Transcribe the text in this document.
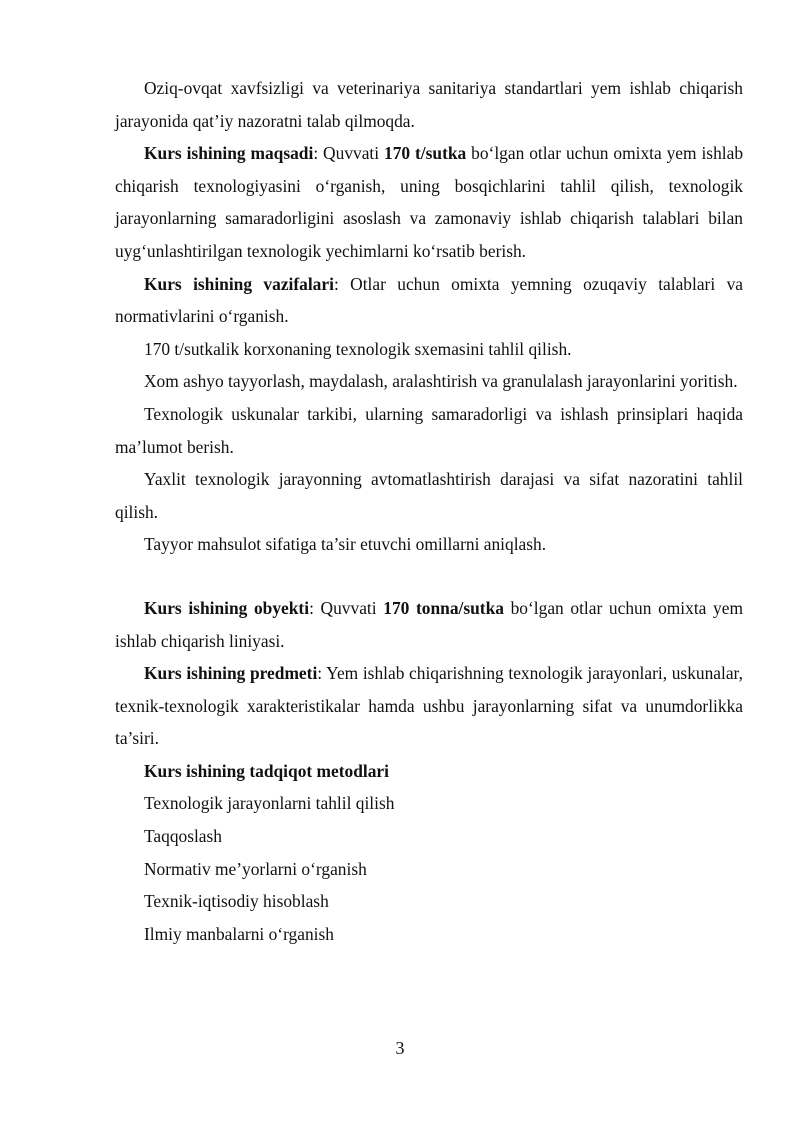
Oziq-ovqat xavfsizligi va veterinariya sanitariya standartlari yem ishlab chiqarish jarayonida qat’iy nazoratni talab qilmoqda.

Kurs ishining maqsadi: Quvvati 170 t/sutka bo‘lgan otlar uchun omixta yem ishlab chiqarish texnologiyasini o‘rganish, uning bosqichlarini tahlil qilish, texnologik jarayonlarning samaradorligini asoslash va zamonaviy ishlab chiqarish talablari bilan uyg‘unlashtirilgan texnologik yechimlarni ko‘rsatib berish.

Kurs ishining vazifalari: Otlar uchun omixta yemning ozuqaviy talablari va normativlarini o‘rganish.

170 t/sutkalik korxonaning texnologik sxemasini tahlil qilish.

Xom ashyo tayyorlash, maydalash, aralashtirish va granulalash jarayonlarini yoritish.

Texnologik uskunalar tarkibi, ularning samaradorligi va ishlash prinsiplari haqida ma’lumot berish.

Yaxlit texnologik jarayonning avtomatlashtirish darajasi va sifat nazoratini tahlil qilish.

Tayyor mahsulot sifatiga ta’sir etuvchi omillarni aniqlash.

Kurs ishining obyekti: Quvvati 170 tonna/sutka bo‘lgan otlar uchun omixta yem ishlab chiqarish liniyasi.

Kurs ishining predmeti: Yem ishlab chiqarishning texnologik jarayonlari, uskunalar, texnik-texnologik xarakteristikalar hamda ushbu jarayonlarning sifat va unumdorlikka ta’siri.

Kurs ishining tadqiqot metodlari

Texnologik jarayonlarni tahlil qilish

Taqqoslash

Normativ me’yorlarni o‘rganish

Texnik-iqtisodiy hisoblash

Ilmiy manbalarni o‘rganish

3
